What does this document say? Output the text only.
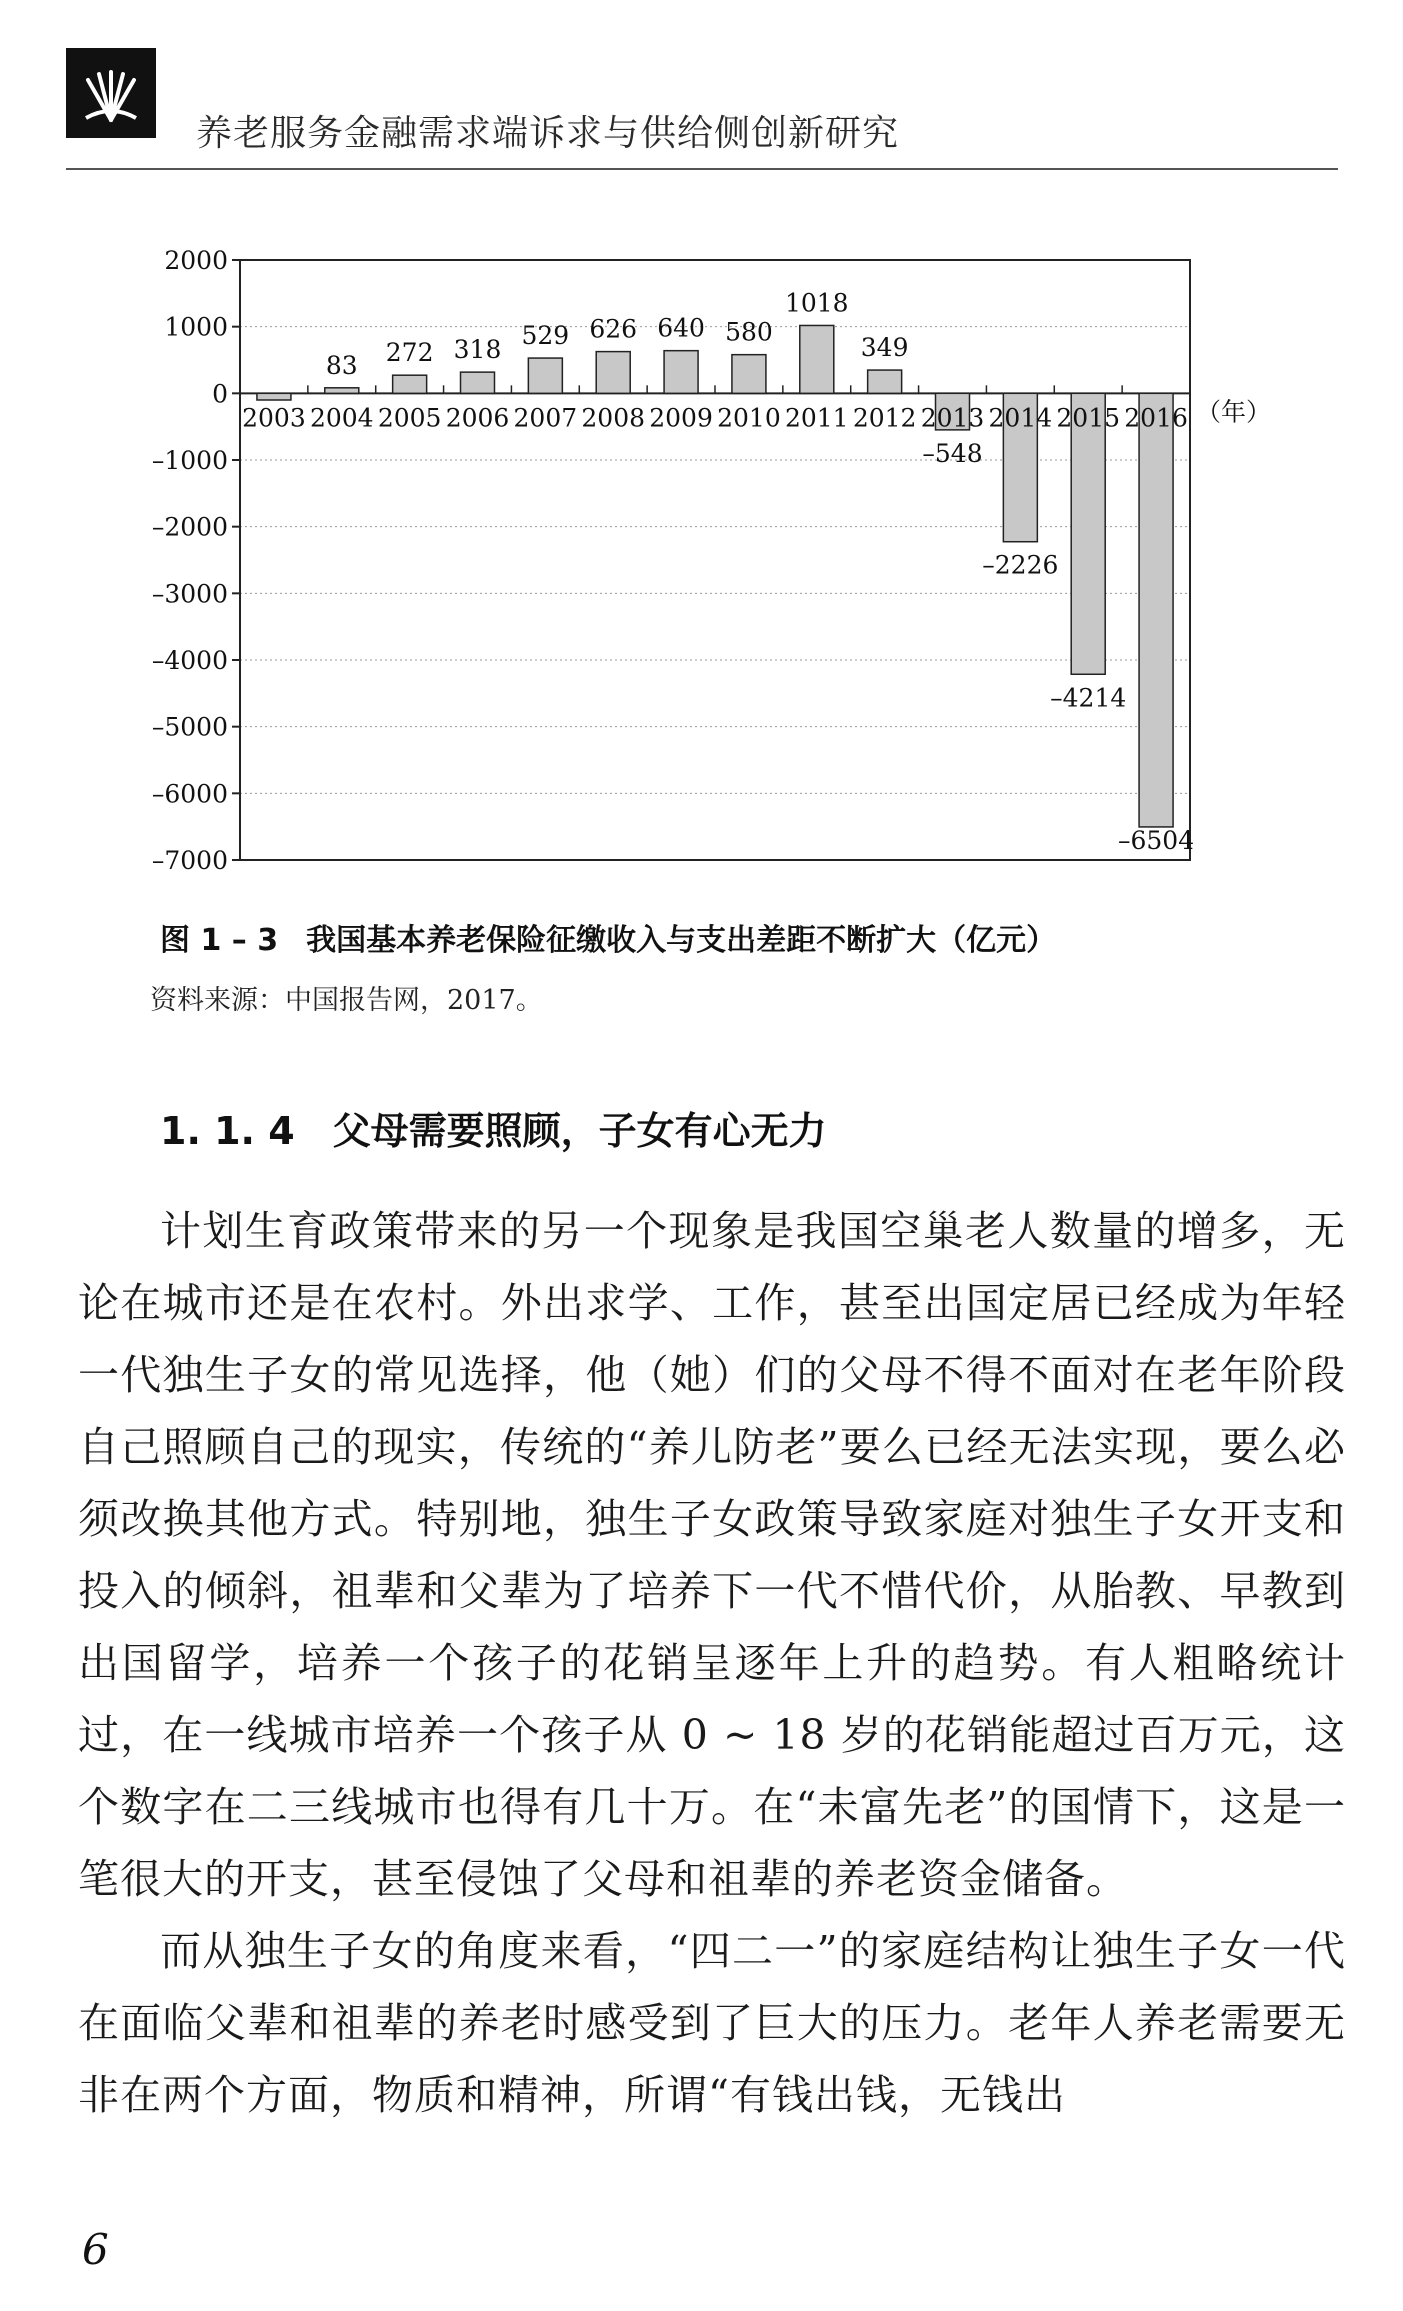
养老服务金融需求端诉求与供给侧创新研究
2000
1000
0
–1000
–2000
–3000
–4000
–5000
–6000
–7000
2003 2004
83
2005
272
2006
318
2007
529
2008
626
2009
640
2010
580
2011
1018
2012
349
2013
–548
2014
–2226
2015
–4214
2016
–6504
（年）
图 1 – 3 我国基本养老保险征缴收入与支出差距不断扩大（亿元）
资料来源：中国报告网，2017。
1. 1. 4 父母需要照顾，子女有心无力

计划生育政策带来的另一个现象是我国空巢老人数量的增多，无论在城市还是在农村。外出求学、工作，甚至出国定居已经成为年轻一代独生子女的常见选择，他（她）们的父母不得不面对在老年阶段自己照顾自己的现实，传统的“养儿防老”要么已经无法实现，要么必须改换其他方式。特别地，独生子女政策导致家庭对独生子女开支和投入的倾斜，祖辈和父辈为了培养下一代不惜代价，从胎教、早教到出国留学，培养一个孩子的花销呈逐年上升的趋势。有人粗略统计过，在一线城市培养一个孩子从 0 ~ 18 岁的花销能超过百万元，这个数字在二三线城市也得有几十万。在“未富先老”的国情下，这是一笔很大的开支，甚至侵蚀了父母和祖辈的养老资金储备。

而从独生子女的角度来看，“四二一”的家庭结构让独生子女一代在面临父辈和祖辈的养老时感受到了巨大的压力。老年人养老需要无非在两个方面，物质和精神，所谓“有钱出钱，无钱出

6
